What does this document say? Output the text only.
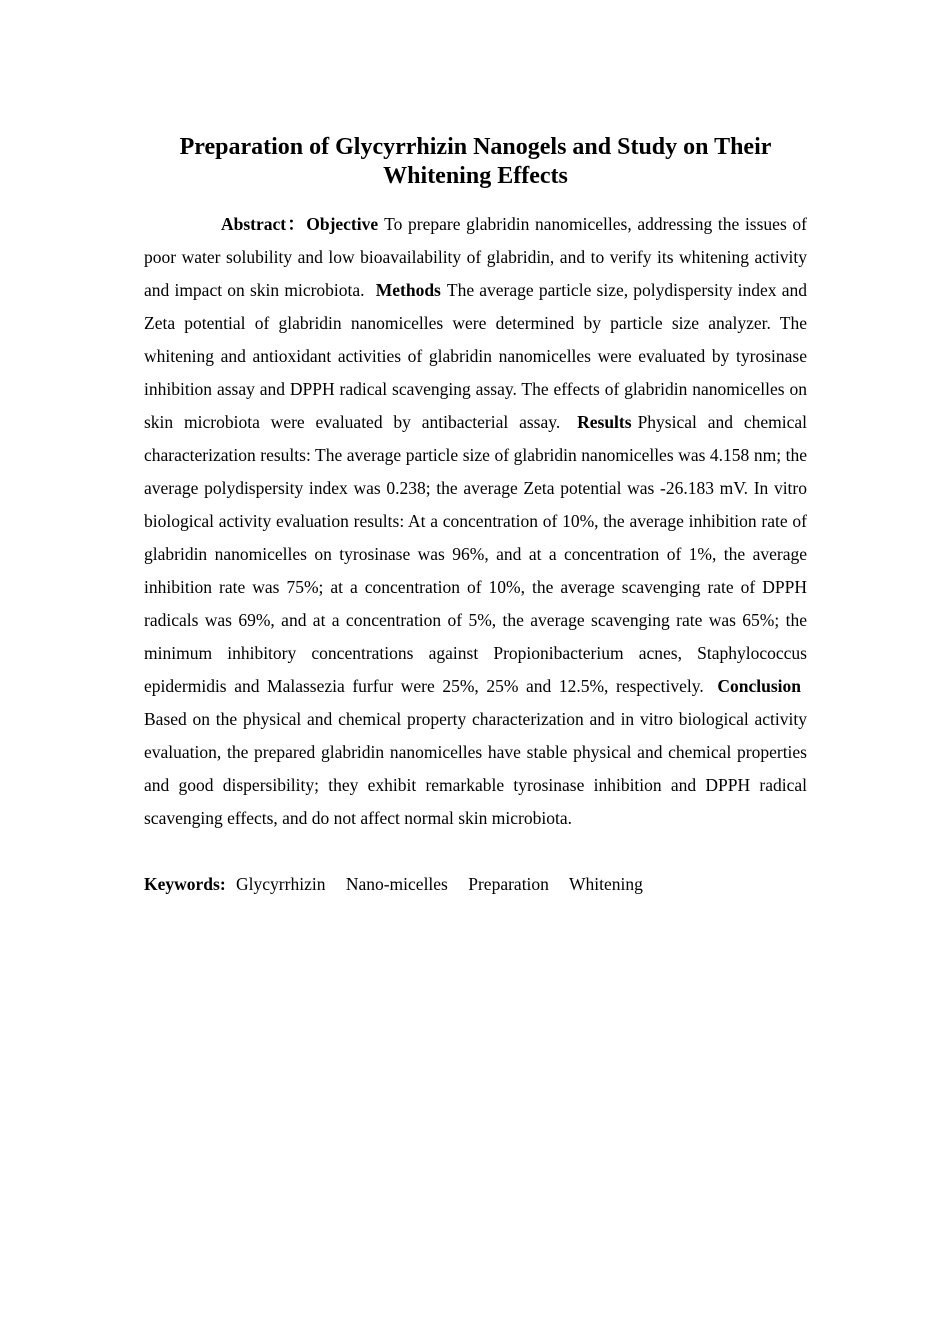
Preparation of Glycyrrhizin Nanogels and Study on Their Whitening Effects

Abstract：Objective To prepare glabridin nanomicelles, addressing the issues of poor water solubility and low bioavailability of glabridin, and to verify its whitening activity and impact on skin microbiota. Methods The average particle size, polydispersity index and Zeta potential of glabridin nanomicelles were determined by particle size analyzer. The whitening and antioxidant activities of glabridin nanomicelles were evaluated by tyrosinase inhibition assay and DPPH radical scavenging assay. The effects of glabridin nanomicelles on skin microbiota were evaluated by antibacterial assay. Results Physical and chemical characterization results: The average particle size of glabridin nanomicelles was 4.158 nm; the average polydispersity index was 0.238; the average Zeta potential was -26.183 mV. In vitro biological activity evaluation results: At a concentration of 10%, the average inhibition rate of glabridin nanomicelles on tyrosinase was 96%, and at a concentration of 1%, the average inhibition rate was 75%; at a concentration of 10%, the average scavenging rate of DPPH radicals was 69%, and at a concentration of 5%, the average scavenging rate was 65%; the minimum inhibitory concentrations against Propionibacterium acnes, Staphylococcus epidermidis and Malassezia furfur were 25%, 25% and 12.5%, respectively. ConclusionBased on the physical and chemical property characterization and in vitro biological activity evaluation, the prepared glabridin nanomicelles have stable physical and chemical properties and good dispersibility; they exhibit remarkable tyrosinase inhibition and DPPH radical scavenging effects, and do not affect normal skin microbiota.

Keywords: Glycyrrhizin Nano-micelles Preparation Whitening
